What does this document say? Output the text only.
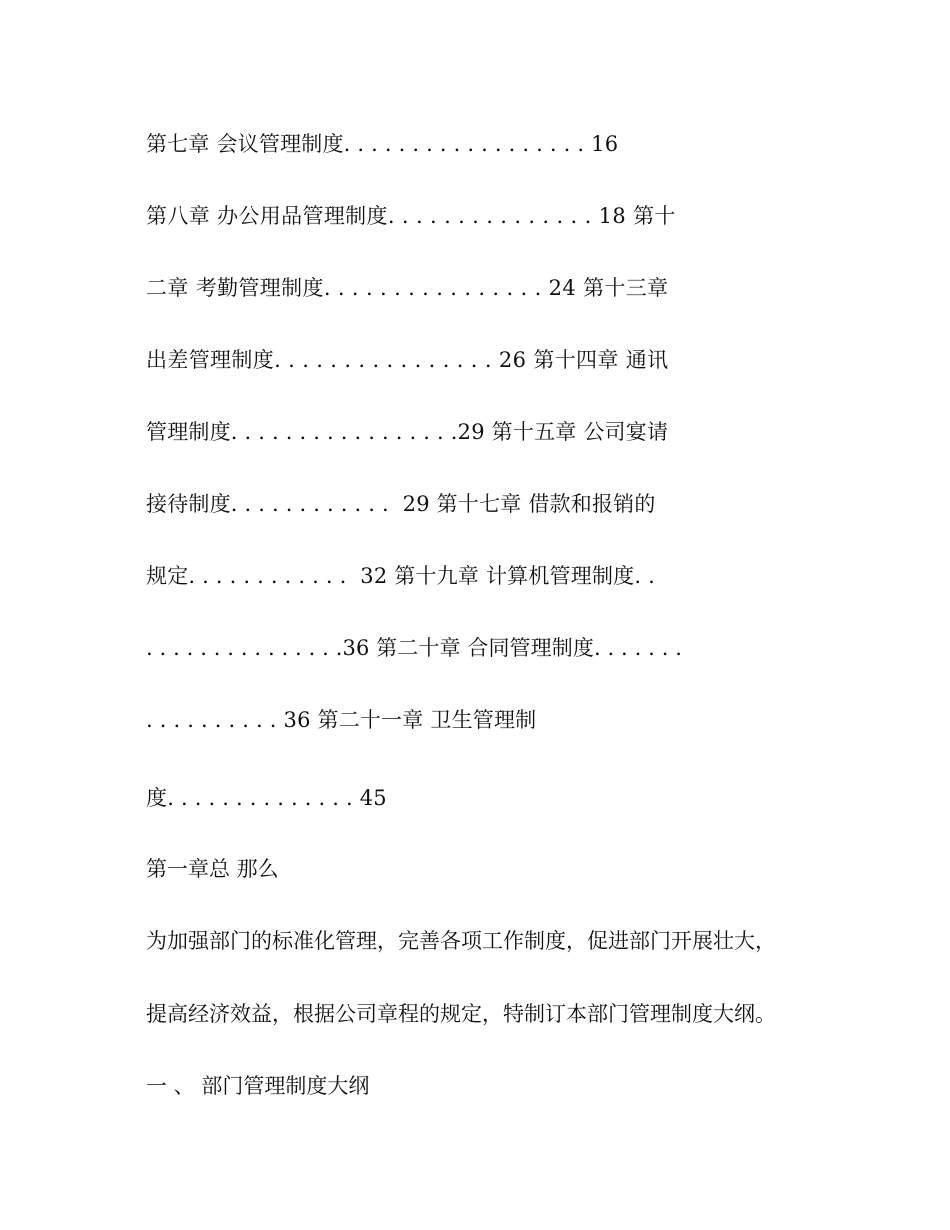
第七章 会议管理制度. . . . . . . . . . . . . . . . . . 16

第八章 办公用品管理制度. . . . . . . . . . . . . . . 18 第十

二章 考勤管理制度. . . . . . . . . . . . . . . . 24 第十三章

出差管理制度. . . . . . . . . . . . . . . . 26 第十四章 通讯

管理制度. . . . . . . . . . . . . . . . .29 第十五章 公司宴请

接待制度. . . . . . . . . . . .  29 第十七章 借款和报销的

规定. . . . . . . . . . . .  32 第十九章 计算机管理制度. .

. . . . . . . . . . . . . . .36 第二十章 合同管理制度. . . . . . .

. . . . . . . . . . 36 第二十一章 卫生管理制

度. . . . . . . . . . . . . . 45

第一章总 那么

为加强部门的标准化管理，完善各项工作制度，促进部门开展壮大，

提高经济效益，根据公司章程的规定，特制订本部门管理制度大纲。

一 、 部门管理制度大纲
